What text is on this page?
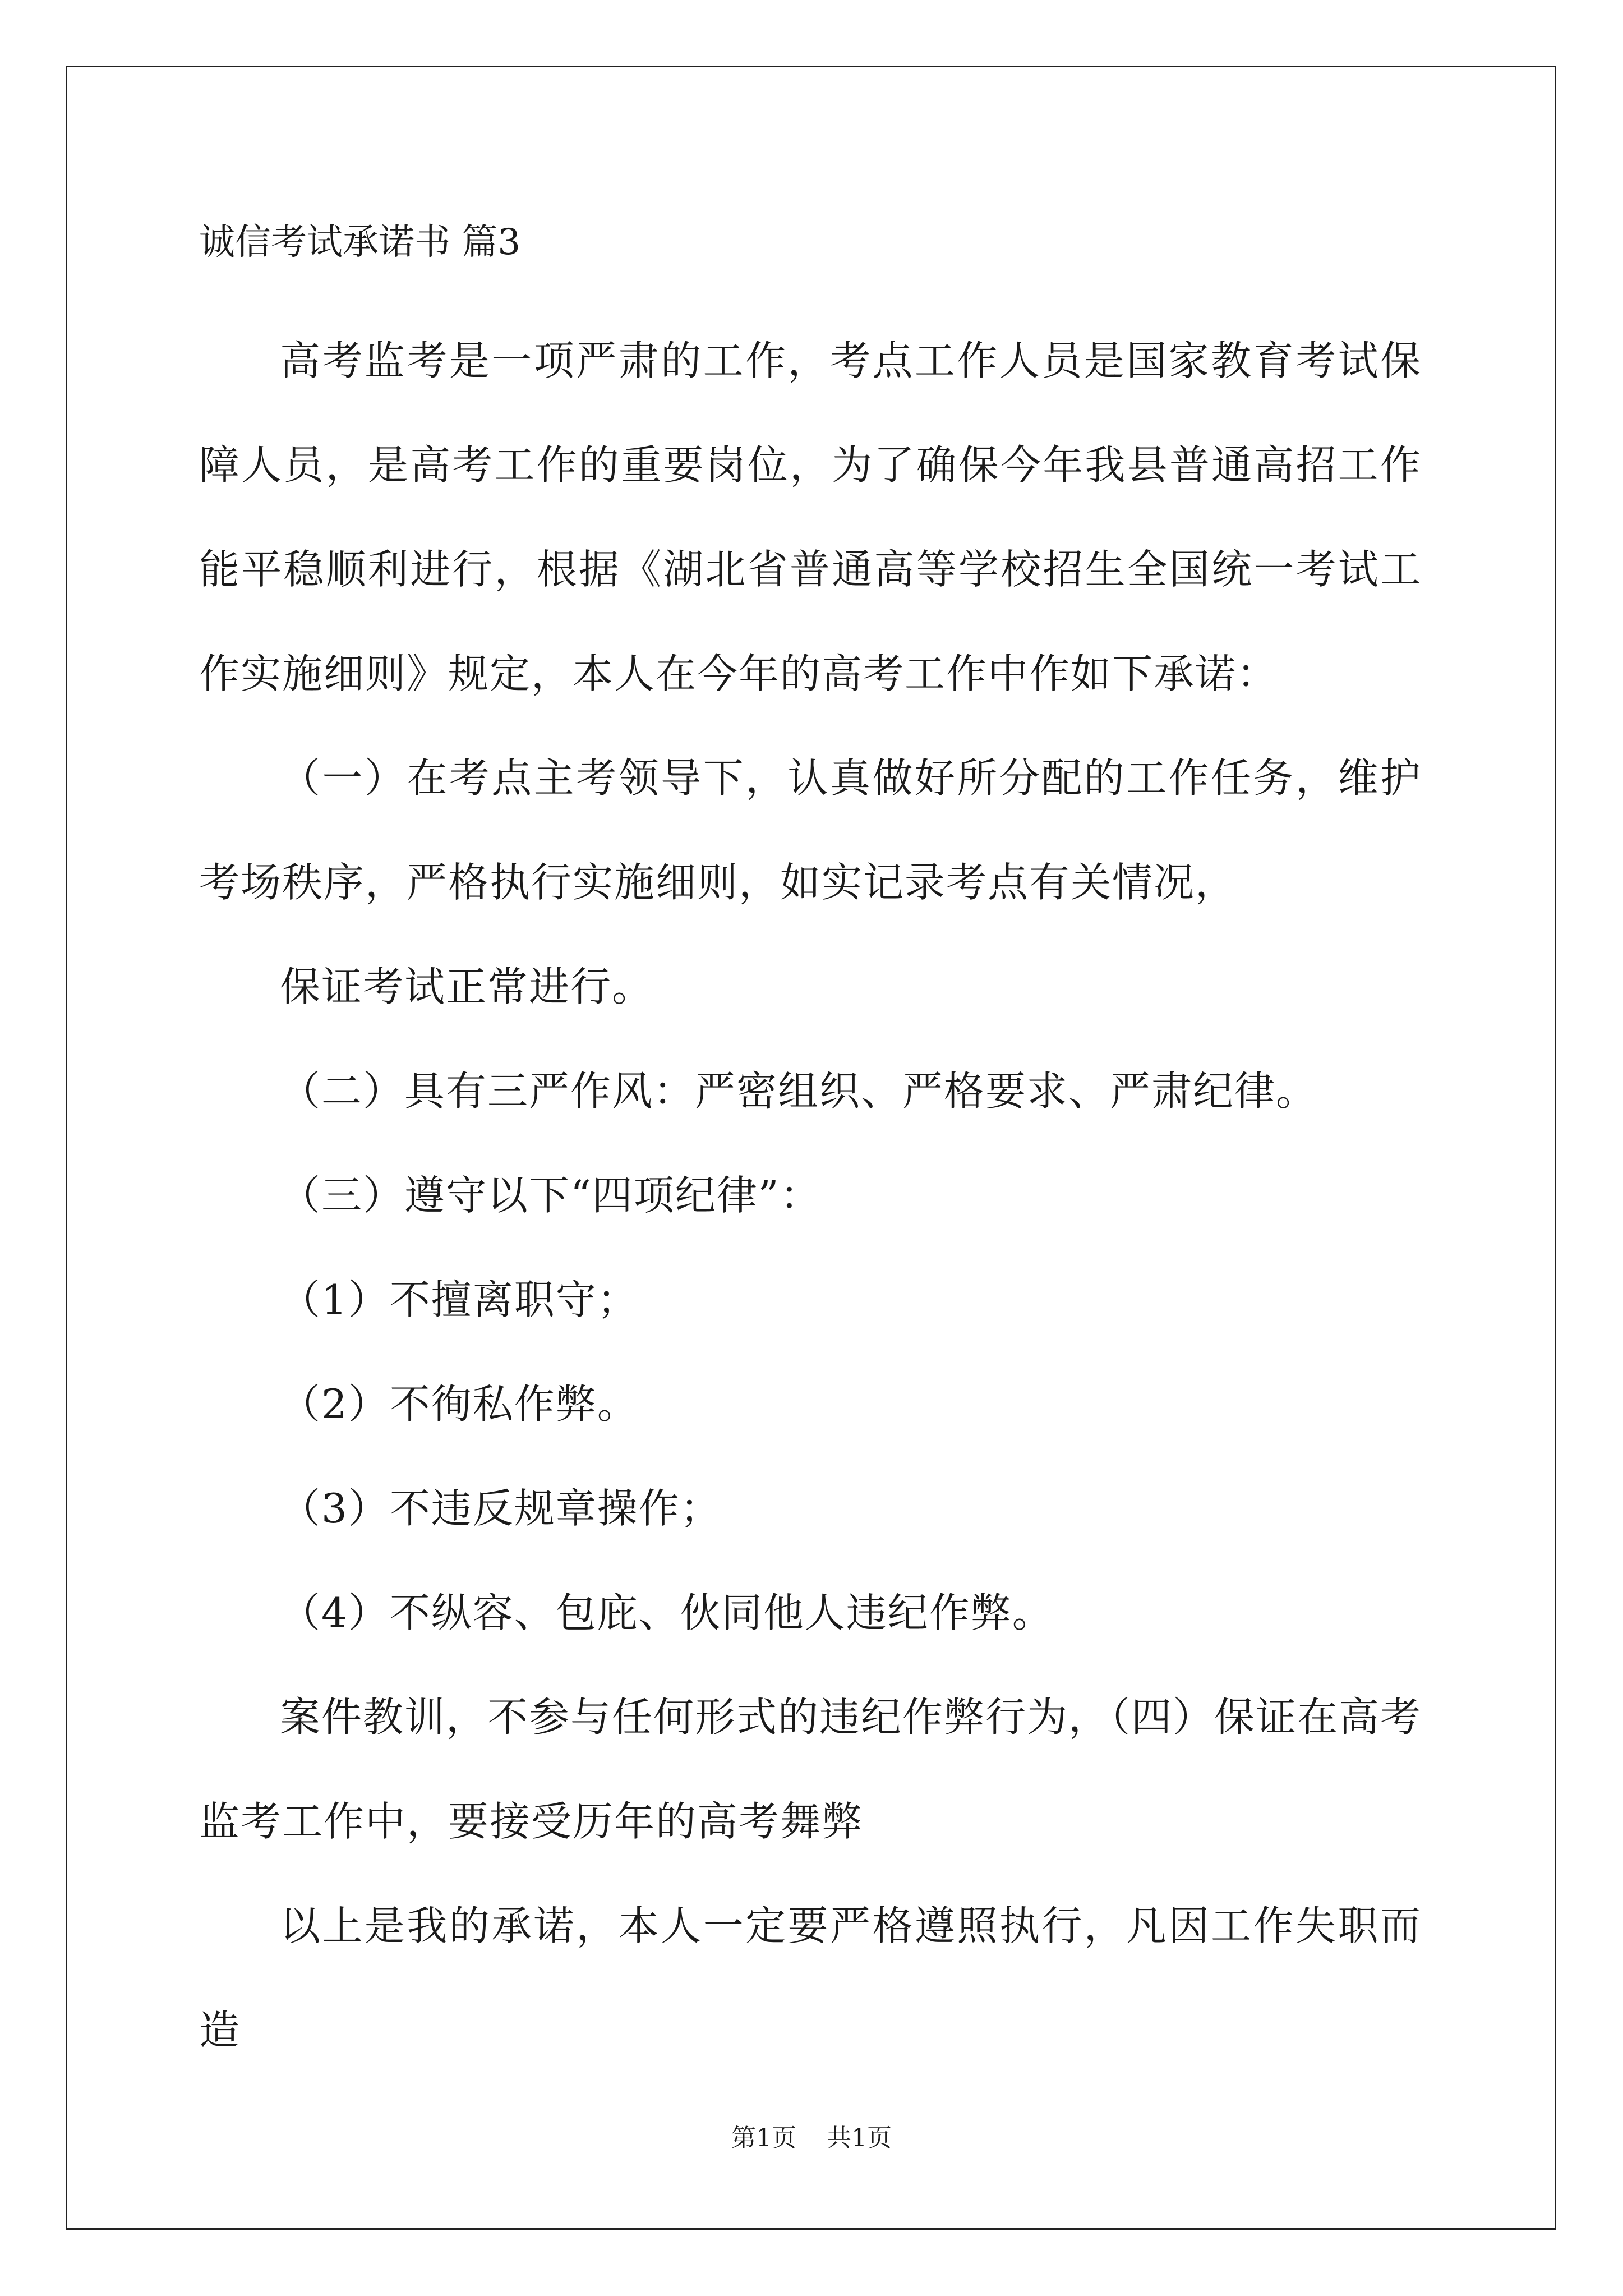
诚信考试承诺书 篇3

高考监考是一项严肃的工作，考点工作人员是国家教育考试保障人员，是高考工作的重要岗位，为了确保今年我县普通高招工作能平稳顺利进行，根据《湖北省普通高等学校招生全国统一考试工作实施细则》规定，本人在今年的高考工作中作如下承诺：

（一）在考点主考领导下，认真做好所分配的工作任务，维护考场秩序，严格执行实施细则，如实记录考点有关情况，

保证考试正常进行。

（二）具有三严作风：严密组织、严格要求、严肃纪律。

（三）遵守以下“四项纪律”：

（1）不擅离职守；

（2）不徇私作弊。

（3）不违反规章操作；

（4）不纵容、包庇、伙同他人违纪作弊。

案件教训，不参与任何形式的违纪作弊行为，（四）保证在高考监考工作中，要接受历年的高考舞弊

以上是我的承诺，本人一定要严格遵照执行，凡因工作失职而造

第1页 共1页
